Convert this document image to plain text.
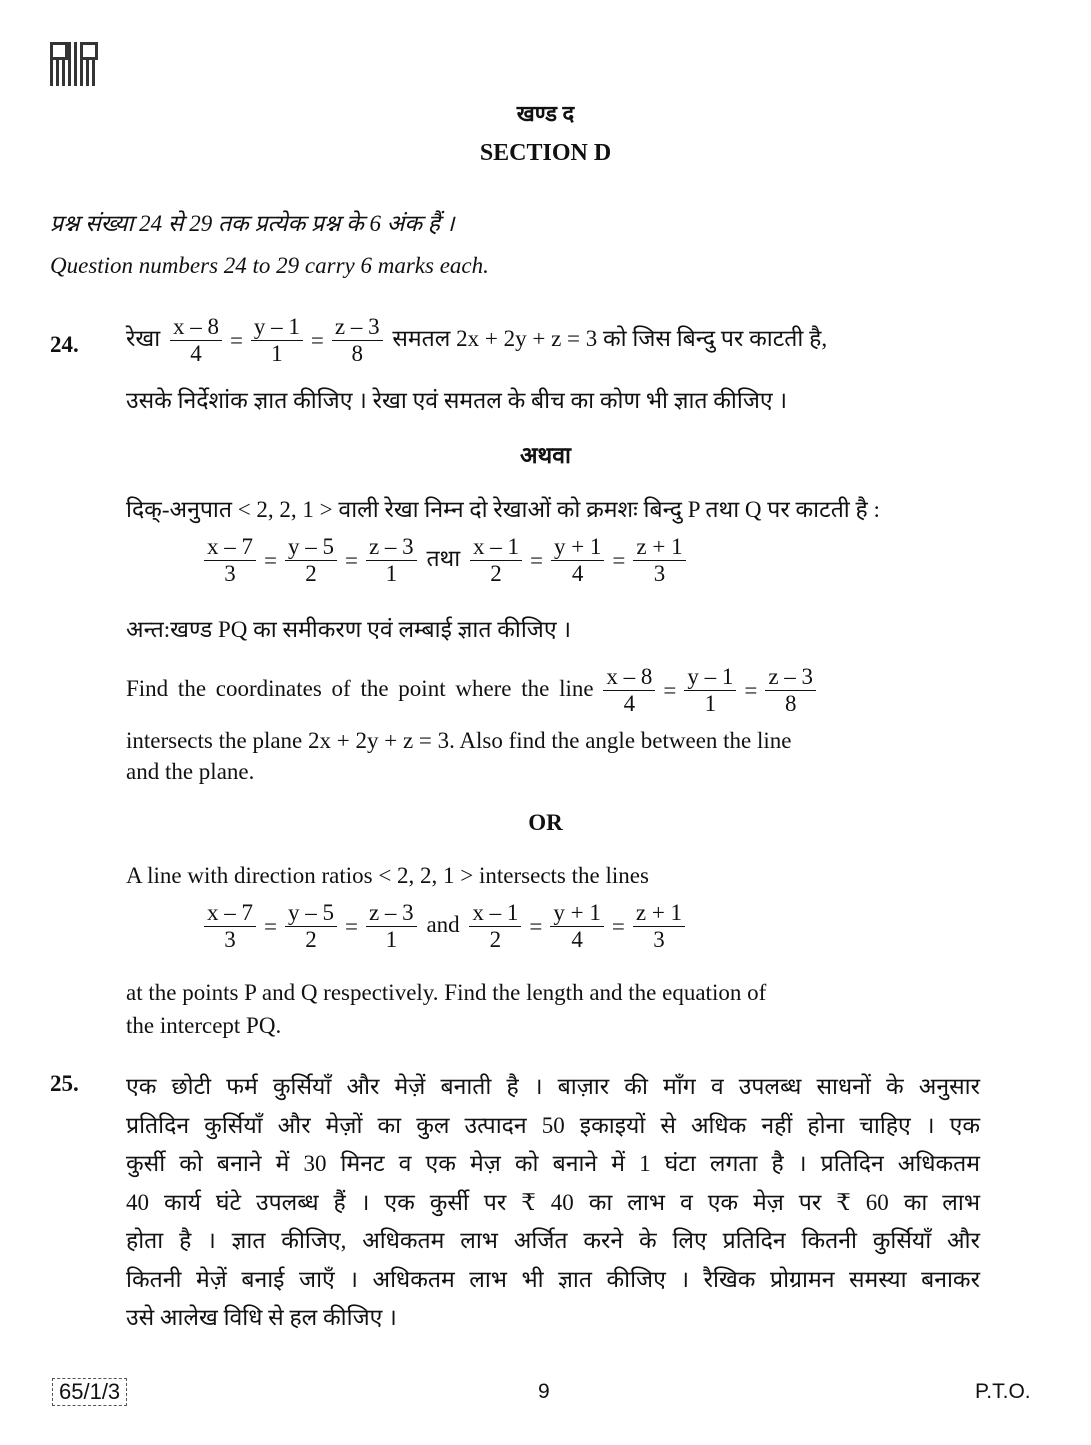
खण्ड द
SECTION D
प्रश्न संख्या 24 से 29 तक प्रत्येक प्रश्न के 6 अंक हैं ।
Question numbers 24 to 29 carry 6 marks each.
24. रेखा $\frac{x - 8}{4} = \frac{y - 1}{1} = \frac{z - 3}{8}$ समतल 2x + 2y + z = 3 को जिस बिन्दु पर काटती है,
उसके निर्देशांक ज्ञात कीजिए । रेखा एवं समतल के बीच का कोण भी ज्ञात कीजिए ।
अथवा
दिक्-अनुपात < 2, 2, 1 > वाली रेखा निम्न दो रेखाओं को क्रमशः बिन्दु P तथा Q पर काटती है :
$\frac{x - 7}{3} = \frac{y - 5}{2} = \frac{z - 3}{1}$ तथा $\frac{x - 1}{2} = \frac{y + 1}{4} = \frac{z + 1}{3}$
अन्त:खण्ड PQ का समीकरण एवं लम्बाई ज्ञात कीजिए ।
Find the coordinates of the point where the line $\frac{x - 8}{4} = \frac{y - 1}{1} = \frac{z - 3}{8}$
intersects the plane 2x + 2y + z = 3. Also find the angle between the line
and the plane.
OR
A line with direction ratios < 2, 2, 1 > intersects the lines
$\frac{x - 7}{3} = \frac{y - 5}{2} = \frac{z - 3}{1}$ and $\frac{x - 1}{2} = \frac{y + 1}{4} = \frac{z + 1}{3}$
at the points P and Q respectively. Find the length and the equation of
the intercept PQ.
25. एक छोटी फर्म कुर्सियाँ और मेज़ें बनाती है । बाज़ार की माँग व उपलब्ध साधनों के अनुसार
प्रतिदिन कुर्सियाँ और मेज़ों का कुल उत्पादन 50 इकाइयों से अधिक नहीं होना चाहिए । एक
कुर्सी को बनाने में 30 मिनट व एक मेज़ को बनाने में 1 घंटा लगता है । प्रतिदिन अधिकतम
40 कार्य घंटे उपलब्ध हैं । एक कुर्सी पर ₹ 40 का लाभ व एक मेज़ पर ₹ 60 का लाभ
होता है । ज्ञात कीजिए, अधिकतम लाभ अर्जित करने के लिए प्रतिदिन कितनी कुर्सियाँ और
कितनी मेज़ें बनाई जाएँ । अधिकतम लाभ भी ज्ञात कीजिए । रैखिक प्रोग्रामन समस्या बनाकर
उसे आलेख विधि से हल कीजिए ।
65/1/3	9	P.T.O.
